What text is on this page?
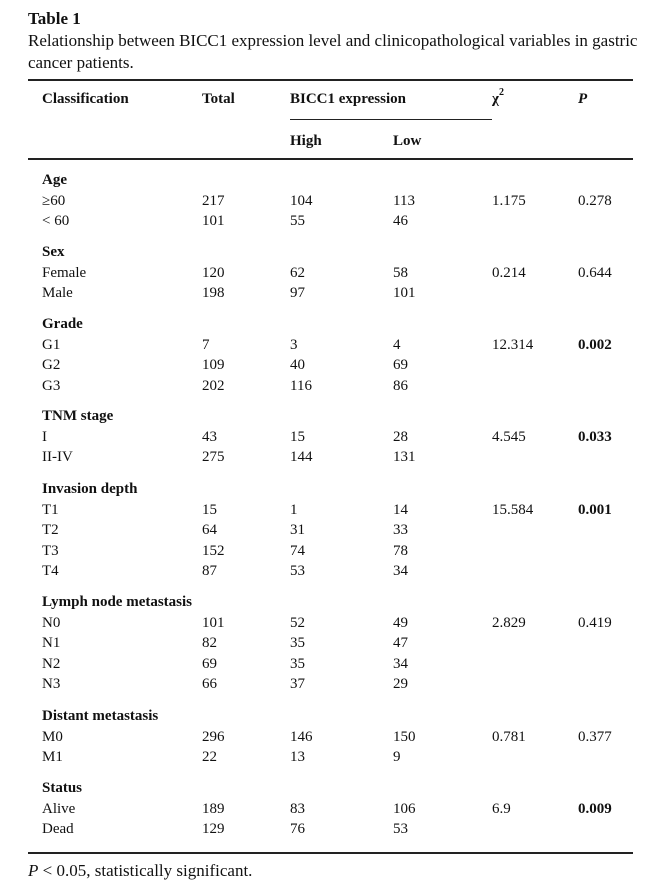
Table 1
Relationship between BICC1 expression level and clinicopathological variables in gastric cancer patients.
Classification	Total	BICC1 expression	$\chi^2$	P
High	Low
Age
≥60	217	104	113	1.175	0.278
< 60	101	55	46
Sex
Female	120	62	58	0.214	0.644
Male	198	97	101
Grade
G1	7	3	4	12.314	0.002
G2	109	40	69
G3	202	116	86
TNM stage
I	43	15	28	4.545	0.033
II-IV	275	144	131
Invasion depth
T1	15	1	14	15.584	0.001
T2	64	31	33
T3	152	74	78
T4	87	53	34
Lymph node metastasis
N0	101	52	49	2.829	0.419
N1	82	35	47
N2	69	35	34
N3	66	37	29
Distant metastasis
M0	296	146	150	0.781	0.377
M1	22	13	9
Status
Alive	189	83	106	6.9	0.009
Dead	129	76	53
P < 0.05, statistically significant.
